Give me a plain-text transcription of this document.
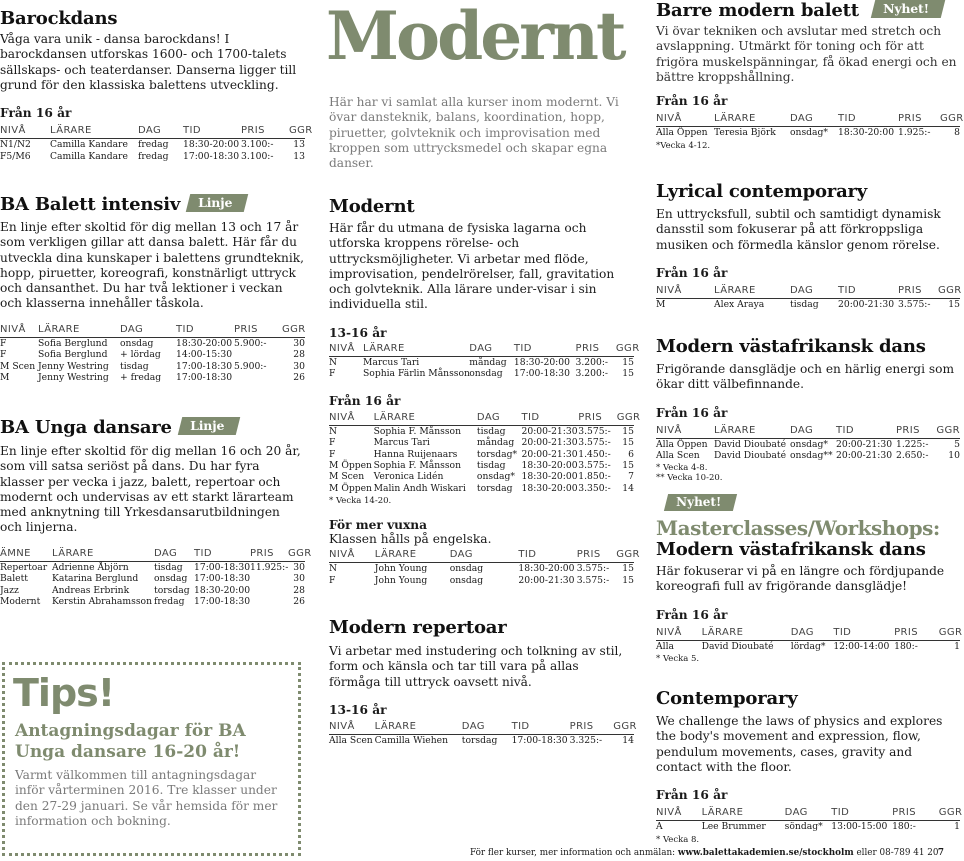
Barockdans

Våga vara unik - dansa barockdans! I barockdansen utforskas 1600- och 1700-talets sällskaps- och teaterdanser. Danserna ligger till grund för den klassiska balettens utveckling.

Från 16 år

NIVÅ	LÄRARE	DAG	TID	PRIS	GGR
N1/N2	Camilla Kandare	fredag	18:30-20:00	3.100:-	13
F5/M6	Camilla Kandare	fredag	17:00-18:30	3.100:-	13
BA Balett intensiv Linje

En linje efter skoltid för dig mellan 13 och 17 år som verkligen gillar att dansa balett. Här får du utveckla dina kunskaper i balettens grundteknik, hopp, piruetter, koreografi, konstnärligt uttryck och dansanthet. Du har två lektioner i veckan och klasserna innehåller tåskola.

NIVÅ	LÄRARE	DAG	TID	PRIS	GGR
F	Sofia Berglund	onsdag	18:30-20:00	5.900:-	30
F	Sofia Berglund	+ lördag	14:00-15:30		28
M Scen	Jenny Westring	tisdag	17:00-18:30	5.900:-	30
M	Jenny Westring	+ fredag	17:00-18:30		26
BA Unga dansare Linje

En linje efter skoltid för dig mellan 16 och 20 år, som vill satsa seriöst på dans. Du har fyra klasser per vecka i jazz, balett, repertoar och modernt och undervisas av ett starkt lärarteam med anknytning till Yrkesdansarutbildningen och linjerna.

ÄMNE	LÄRARE	DAG	TID	PRIS	GGR
Repertoar	Adrienne Åbjörn	tisdag	17:00-18:30	11.925:-	30
Balett	Katarina Berglund	onsdag	17:00-18:30		30
Jazz	Andreas Erbrink	torsdag	18:30-20:00		28
Modernt	Kerstin Abrahamsson	fredag	17:00-18:30		26
Tips!
Antagningsdagar för BA Unga dansare 16-20 år!
Varmt välkommen till antagningsdagar inför vårterminen 2016. Tre klasser under den 27-29 januari. Se vår hemsida för mer information och bokning.
Modernt

Här har vi samlat alla kurser inom modernt. Vi övar dansteknik, balans, koordination, hopp, piruetter, golvteknik och improvisation med kroppen som uttrycksmedel och skapar egna danser.

Modernt

Här får du utmana de fysiska lagarna och utforska kroppens rörelse- och uttrycksmöjligheter. Vi arbetar med flöde, improvisation, pendelrörelser, fall, gravitation och golvteknik. Alla lärare under-visar i sin individuella stil.

13-16 år

NIVÅ	LÄRARE	DAG	TID	PRIS	GGR
N	Marcus Tari	måndag	18:30-20:00	3.200:-	15
F	Sophia Färlin Månsson	onsdag	17:00-18:30	3.200:-	15

Från 16 år

NIVÅ	LÄRARE	DAG	TID	PRIS	GGR
N	Sophia F. Månsson	tisdag	20:00-21:30	3.575:-	15
F	Marcus Tari	måndag	20:00-21:30	3.575:-	15
F	Hanna Ruijenaars	torsdag*	20:00-21:30	1.450:-	6
M Öppen	Sophia F. Månsson	tisdag	18:30-20:00	3.575:-	15
M Scen	Veronica Lidén	onsdag*	18:30-20:00	1.850:-	7
M Öppen	Malin Andh Wiskari	torsdag	18:30-20:00	3.350:-	14

* Vecka 14-20.

För mer vuxna

Klassen hålls på engelska.

NIVÅ	LÄRARE	DAG	TID	PRIS	GGR
N	John Young	onsdag	18:30-20:00	3.575:-	15
F	John Young	onsdag	20:00-21:30	3.575:-	15
Modern repertoar

Vi arbetar med instudering och tolkning av stil, form och känsla och tar till vara på allas förmåga till uttryck oavsett nivå.

13-16 år

NIVÅ	LÄRARE	DAG	TID	PRIS	GGR
Alla Scen	Camilla Wiehen	torsdag	17:00-18:30	3.325:-	14
Barre modern balett Nyhet!

Vi övar tekniken och avslutar med stretch och avslappning. Utmärkt för toning och för att frigöra muskelspänningar, få ökad energi och en bättre kroppshållning.

Från 16 år

NIVÅ	LÄRARE	DAG	TID	PRIS	GGR
Alla Öppen	Teresia Björk	onsdag*	18:30-20:00	1.925:-	8

*Vecka 4-12.

Lyrical contemporary

En uttrycksfull, subtil och samtidigt dynamisk dansstil som fokuserar på att förkroppsliga musiken och förmedla känslor genom rörelse.

Från 16 år

NIVÅ	LÄRARE	DAG	TID	PRIS	GGR
M	Alex Araya	tisdag	20:00-21:30	3.575:-	15
Modern västafrikansk dans

Frigörande dansglädje och en härlig energi som ökar ditt välbefinnande.

Från 16 år

NIVÅ	LÄRARE	DAG	TID	PRIS	GGR
Alla Öppen	David Dioubaté	onsdag*	20:00-21:30	1.225:-	5
Alla Scen	David Dioubaté	onsdag**	20:00-21:30	2.650:-	10

* Vecka 4-8.

** Vecka 10-20.

Nyhet!
Masterclasses/Workshops:
Modern västafrikansk dans

Här fokuserar vi på en längre och fördjupande koreografi full av frigörande dansglädje!

Från 16 år

NIVÅ	LÄRARE	DAG	TID	PRIS	GGR
Alla	David Dioubaté	lördag*	12:00-14:00	180:-	1

* Vecka 5.

Contemporary

We challenge the laws of physics and explores the body's movement and expression, flow, pendulum movements, cases, gravity and contact with the floor.

Från 16 år

NIVÅ	LÄRARE	DAG	TID	PRIS	GGR
A	Lee Brummer	söndag*	13:00-15:00	180:-	1

* Vecka 8.

För fler kurser, mer information och anmälan: www.balettakademien.se/stockholm eller 08-789 41 20 7
